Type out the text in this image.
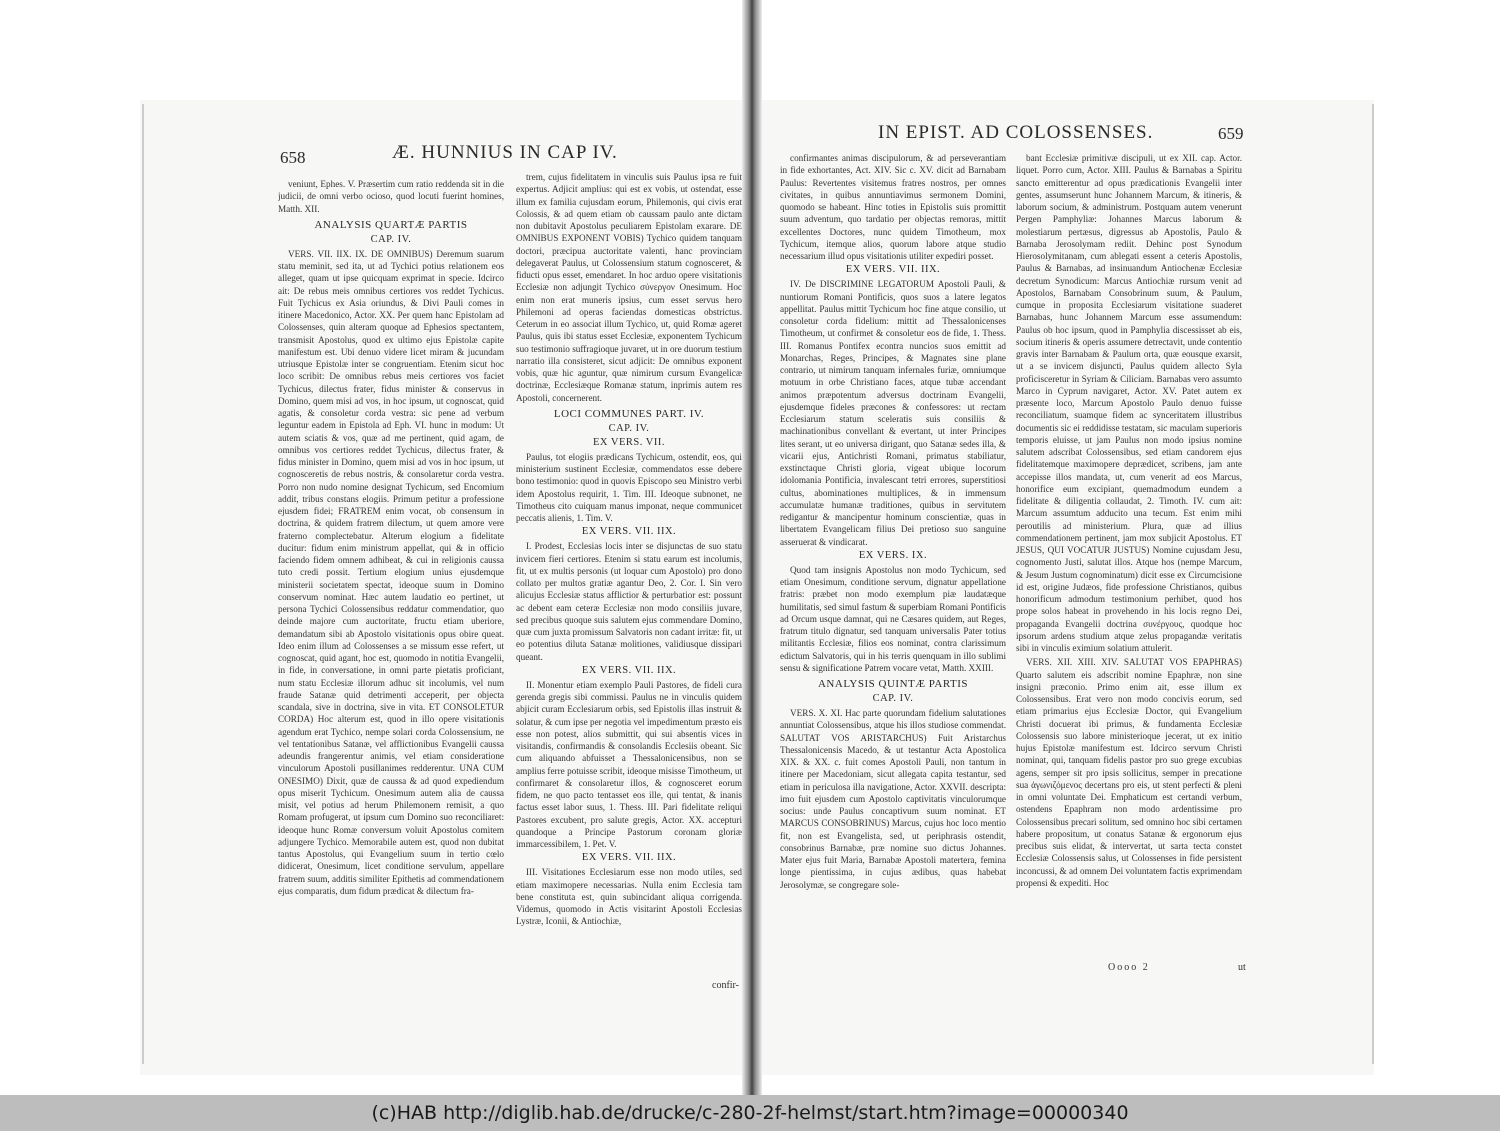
658	Æ. HUNNIUS IN CAP IV.

veniunt, Ephes. V. Præsertim cum ratio reddenda sit in die judicii, de omni verbo ocioso, quod locuti fuerint homines, Matth. XII.

ANALYSIS QUARTÆ PARTIS
CAP. IV.

VERS. VII. IIX. IX. DE OMNIBUS) Deremum suarum statu meminit, sed ita, ut ad Tychici potius relationem eos alleget, quam ut ipse quicquam exprimat in specie. Idcirco ait: De rebus meis omnibus certiores vos reddet Tychicus. Fuit Tychicus ex Asia oriundus, & Divi Pauli comes in itinere Macedonico, Actor. XX. Per quem hanc Epistolam ad Colossenses, quin alteram quoque ad Ephesios spectantem, transmisit Apostolus, quod ex ultimo ejus Epistolæ capite manifestum est. Ubi denuo videre licet miram & jucundam utriusque Epistolæ inter se congruentiam. Etenim sicut hoc loco scribit: De omnibus rebus meis certiores vos faciet Tychicus, dilectus frater, fidus minister & conservus in Domino, quem misi ad vos, in hoc ipsum, ut cognoscat, quid agatis, & consoletur corda vestra: sic pene ad verbum leguntur eadem in Epistola ad Eph. VI. hunc in modum: Ut autem sciatis & vos, quæ ad me pertinent, quid agam, de omnibus vos certiores reddet Tychicus, dilectus frater, & fidus minister in Domino, quem misi ad vos in hoc ipsum, ut cognosceretis de rebus nostris, & consolaretur corda vestra. Porro non nudo nomine designat Tychicum, sed Encomium addit, tribus constans elogiis. Primum petitur a professione ejusdem fidei; FRATREM enim vocat, ob consensum in doctrina, & quidem fratrem dilectum, ut quem amore vere fraterno complectebatur. Alterum elogium a fidelitate ducitur: fidum enim ministrum appellat, qui & in officio faciendo fidem omnem adhibeat, & cui in religionis caussa tuto credi possit. Tertium elogium unius ejusdemque ministerii societatem spectat, ideoque suum in Domino conservum nominat. Hæc autem laudatio eo pertinet, ut persona Tychici Colossensibus reddatur commendatior, quo deinde majore cum auctoritate, fructu etiam uberiore, demandatum sibi ab Apostolo visitationis opus obire queat. Ideo enim illum ad Colossenses a se missum esse refert, ut cognoscat, quid agant, hoc est, quomodo in notitia Evangelii, in fide, in conversatione, in omni parte pietatis proficiant, num statu Ecclesiæ illorum adhuc sit incolumis, vel num fraude Satanæ quid detrimenti acceperit, per objecta scandala, sive in doctrina, sive in vita. ET CONSOLETUR CORDA) Hoc alterum est, quod in illo opere visitationis agendum erat Tychico, nempe solari corda Colossensium, ne vel tentationibus Satanæ, vel afflictionibus Evangelii caussa adeundis frangerentur animis, vel etiam consideratione vinculorum Apostoli pusillanimes redderentur. UNA CUM ONESIMO) Dixit, quæ de caussa & ad quod expediendum opus miserit Tychicum. Onesimum autem alia de caussa misit, vel potius ad herum Philemonem remisit, a quo Romam profugerat, ut ipsum cum Domino suo reconciliaret: ideoque hunc Romæ conversum voluit Apostolus comitem adjungere Tychico. Memorabile autem est, quod non dubitat tantus Apostolus, qui Evangelium suum in tertio cœlo didicerat, Onesimum, licet conditione servulum, appellare fratrem suum, additis similiter Epithetis ad commendationem ejus comparatis, dum fidum prædicat & dilectum fra-

trem, cujus fidelitatem in vinculis suis Paulus ipsa re fuit expertus. Adjicit amplius: qui est ex vobis, ut ostendat, esse illum ex familia cujusdam eorum, Philemonis, qui civis erat Colossis, & ad quem etiam ob caussam paulo ante dictam non dubitavit Apostolus peculiarem Epistolam exarare. DE OMNIBUS EXPONENT VOBIS) Tychico quidem tanquam doctori, præcipua auctoritate valenti, hanc provinciam delegaverat Paulus, ut Colossensium statum cognosceret, & fiducti opus esset, emendaret. In hoc arduo opere visitationis Ecclesiæ non adjungit Tychico σύνεργον Onesimum. Hoc enim non erat muneris ipsius, cum esset servus hero Philemoni ad operas faciendas domesticas obstrictus. Ceterum in eo associat illum Tychico, ut, quid Romæ ageret Paulus, quis ibi status esset Ecclesiæ, exponentem Tychicum suo testimonio suffragioque juvaret, ut in ore duorum testium narratio illa consisteret, sicut adjicit: De omnibus exponent vobis, quæ hic aguntur, quæ nimirum cursum Evangelicæ doctrinæ, Ecclesiæque Romanæ statum, inprimis autem res Apostoli, concernerent.

LOCI COMMUNES PART. IV.
CAP. IV.
EX VERS. VII.

Paulus, tot elogiis prædicans Tychicum, ostendit, eos, qui ministerium sustinent Ecclesiæ, commendatos esse debere bono testimonio: quod in quovis Episcopo seu Ministro verbi idem Apostolus requirit, 1. Tim. III. Ideoque subnonet, ne Timotheus cito cuiquam manus imponat, neque communicet peccatis alienis, 1. Tim. V.

EX VERS. VII. IIX.

I. Prodest, Ecclesias locis inter se disjunctas de suo statu invicem fieri certiores. Etenim si statu earum est incolumis, fit, ut ex multis personis (ut loquar cum Apostolo) pro dono collato per multos gratiæ agantur Deo, 2. Cor. I. Sin vero alicujus Ecclesiæ status afflictior & perturbatior est: possunt ac debent eam ceteræ Ecclesiæ non modo consiliis juvare, sed precibus quoque suis salutem ejus commendare Domino, quæ cum juxta promissum Salvatoris non cadant irritæ: fit, ut eo potentius diluta Satanæ molitiones, validiusque dissipari queant.

EX VERS. VII. IIX.

II. Monentur etiam exemplo Pauli Pastores, de fideli cura gerenda gregis sibi commissi. Paulus ne in vinculis quidem abjicit curam Ecclesiarum orbis, sed Epistolis illas instruit & solatur, & cum ipse per negotia vel impedimentum præsto eis esse non potest, alios submittit, qui sui absentis vices in visitandis, confirmandis & consolandis Ecclesiis obeant. Sic cum aliquando abfuisset a Thessalonicensibus, non se amplius ferre potuisse scribit, ideoque misisse Timotheum, ut confirmaret & consolaretur illos, & cognosceret eorum fidem, ne quo pacto tentasset eos ille, qui tentat, & inanis factus esset labor suus, 1. Thess. III. Pari fidelitate reliqui Pastores excubent, pro salute gregis, Actor. XX. accepturi quandoque a Principe Pastorum coronam gloriæ immarcessibilem, 1. Pet. V.

EX VERS. VII. IIX.

III. Visitationes Ecclesiarum esse non modo utiles, sed etiam maximopere necessarias. Nulla enim Ecclesia tam bene constituta est, quin subincidant aliqua corrigenda. Videmus, quomodo in Actis visitarint Apostoli Ecclesias Lystræ, Iconii, & Antiochiæ,

confir-
IN EPIST. AD COLOSSENSES.	659

confirmantes animas discipulorum, & ad perseverantiam in fide exhortantes, Act. XIV. Sic c. XV. dicit ad Barnabam Paulus: Revertentes visitemus fratres nostros, per omnes civitates, in quibus annuntiavimus sermonem Domini, quomodo se habeant. Hinc toties in Epistolis suis promittit suum adventum, quo tardatio per objectas remoras, mittit excellentes Doctores, nunc quidem Timotheum, mox Tychicum, itemque alios, quorum labore atque studio necessarium illud opus visitationis utiliter expediri posset.

EX VERS. VII. IIX.

IV. De DISCRIMINE LEGATORUM Apostoli Pauli, & nuntiorum Romani Pontificis, quos suos a latere legatos appellitat. Paulus mittit Tychicum hoc fine atque consilio, ut consoletur corda fidelium: mittit ad Thessalonicenses Timotheum, ut confirmet & consoletur eos de fide, 1. Thess. III. Romanus Pontifex econtra nuncios suos emittit ad Monarchas, Reges, Principes, & Magnates sine plane contrario, ut nimirum tanquam infernales furiæ, omniumque motuum in orbe Christiano faces, atque tubæ accendant animos præpotentum adversus doctrinam Evangelii, ejusdemque fideles præcones & confessores: ut rectam Ecclesiarum statum sceleratis suis consiliis & machinationibus convellant & evertant, ut inter Principes lites serant, ut eo universa dirigant, quo Satanæ sedes illa, & vicarii ejus, Antichristi Romani, primatus stabiliatur, exstinctaque Christi gloria, vigeat ubique locorum idolomania Pontificia, invalescant tetri errores, superstitiosi cultus, abominationes multiplices, & in immensum accumulatæ humanæ traditiones, quibus in servitutem redigantur & mancipentur hominum conscientiæ, quas in libertatem Evangelicam filius Dei pretioso suo sanguine asseruerat & vindicarat.

EX VERS. IX.

Quod tam insignis Apostolus non modo Tychicum, sed etiam Onesimum, conditione servum, dignatur appellatione fratris: præbet non modo exemplum piæ laudatæque humilitatis, sed simul fastum & superbiam Romani Pontificis ad Orcum usque damnat, qui ne Cæsares quidem, aut Reges, fratrum titulo dignatur, sed tanquam universalis Pater totius militantis Ecclesiæ, filios eos nominat, contra clarissimum edictum Salvatoris, qui in his terris quenquam in illo sublimi sensu & significatione Patrem vocare vetat, Matth. XXIII.

ANALYSIS QUINTÆ PARTIS
CAP. IV.

VERS. X. XI. Hac parte quorundam fidelium salutationes annuntiat Colossensibus, atque his illos studiose commendat. SALUTAT VOS ARISTARCHUS) Fuit Aristarchus Thessalonicensis Macedo, & ut testantur Acta Apostolica XIX. & XX. c. fuit comes Apostoli Pauli, non tantum in itinere per Macedoniam, sicut allegata capita testantur, sed etiam in periculosa illa navigatione, Actor. XXVII. descripta: imo fuit ejusdem cum Apostolo captivitatis vinculorumque socius: unde Paulus concaptivum suum nominat. ET MARCUS CONSOBRINUS) Marcus, cujus hoc loco mentio fit, non est Evangelista, sed, ut periphrasis ostendit, consobrinus Barnabæ, præ nomine suo dictus Johannes. Mater ejus fuit Maria, Barnabæ Apostoli matertera, femina longe pientissima, in cujus ædibus, quas habebat Jerosolymæ, se congregare sole-

bant Ecclesiæ primitivæ discipuli, ut ex XII. cap. Actor. liquet. Porro cum, Actor. XIII. Paulus & Barnabas a Spiritu sancto emitterentur ad opus prædicationis Evangelii inter gentes, assumserunt hunc Johannem Marcum, & itineris, & laborum socium, & administrum. Postquam autem venerunt Pergen Pamphyliæ: Johannes Marcus laborum & molestiarum pertæsus, digressus ab Apostolis, Paulo & Barnaba Jerosolymam rediit. Dehinc post Synodum Hierosolymitanam, cum ablegati essent a ceteris Apostolis, Paulus & Barnabas, ad insinuandum Antiochenæ Ecclesiæ decretum Synodicum: Marcus Antiochiæ rursum venit ad Apostolos, Barnabam Consobrinum suum, & Paulum, cumque in proposita Ecclesiarum visitatione suaderet Barnabas, hunc Johannem Marcum esse assumendum: Paulus ob hoc ipsum, quod in Pamphylia discessisset ab eis, socium itineris & operis assumere detrectavit, unde contentio gravis inter Barnabam & Paulum orta, quæ eousque exarsit, ut a se invicem disjuncti, Paulus quidem allecto Syla proficisceretur in Syriam & Ciliciam. Barnabas vero assumto Marco in Cyprum navigaret, Actor. XV. Patet autem ex præsente loco, Marcum Apostolo Paulo denuo fuisse reconciliatum, suamque fidem ac synceritatem illustribus documentis sic ei reddidisse testatam, sic maculam superioris temporis eluisse, ut jam Paulus non modo ipsius nomine salutem adscribat Colossensibus, sed etiam candorem ejus fidelitatemque maximopere deprædicet, scribens, jam ante accepisse illos mandata, ut, cum venerit ad eos Marcus, honorifice eum excipiant, quemadmodum eundem a fidelitate & diligentia collaudat, 2. Timoth. IV. cum ait: Marcum assumtum adducito una tecum. Est enim mihi peroutilis ad ministerium. Plura, quæ ad illius commendationem pertinent, jam mox subjicit Apostolus. ET JESUS, QUI VOCATUR JUSTUS) Nomine cujusdam Jesu, cognomento Justi, salutat illos. Atque hos (nempe Marcum, & Jesum Justum cognominatum) dicit esse ex Circumcisione id est, origine Judæos, fide professione Christianos, quibus honorificum admodum testimonium perhibet, quod hos prope solos habeat in provehendo in his locis regno Dei, propaganda Evangelii doctrina συνέργους, quodque hoc ipsorum ardens studium atque zelus propagandæ veritatis sibi in vinculis eximium solatium attulerit.

VERS. XII. XIII. XIV. SALUTAT VOS EPAPHRAS) Quarto salutem eis adscribit nomine Epaphræ, non sine insigni præconio. Primo enim ait, esse illum ex Colossensibus. Erat vero non modo concivis eorum, sed etiam primarius ejus Ecclesiæ Doctor, qui Evangelium Christi docuerat ibi primus, & fundamenta Ecclesiæ Colossensis suo labore ministerioque jecerat, ut ex initio hujus Epistolæ manifestum est. Idcirco servum Christi nominat, qui, tanquam fidelis pastor pro suo grege excubias agens, semper sit pro ipsis sollicitus, semper in precatione sua ἀγωνιζόμενος decertans pro eis, ut stent perfecti & pleni in omni voluntate Dei. Emphaticum est certandi verbum, ostendens Epaphram non modo ardentissime pro Colossensibus precari solitum, sed omnino hoc sibi certamen habere propositum, ut conatus Satanæ & ergonorum ejus precibus suis elidat, & intervertat, ut sarta tecta constet Ecclesiæ Colossensis salus, ut Colossenses in fide persistent inconcussi, & ad omnem Dei voluntatem factis exprimendam propensi & expediti. Hoc

Oooo 2	ut
(c)HAB http://diglib.hab.de/drucke/c-280-2f-helmst/start.htm?image=00000340
